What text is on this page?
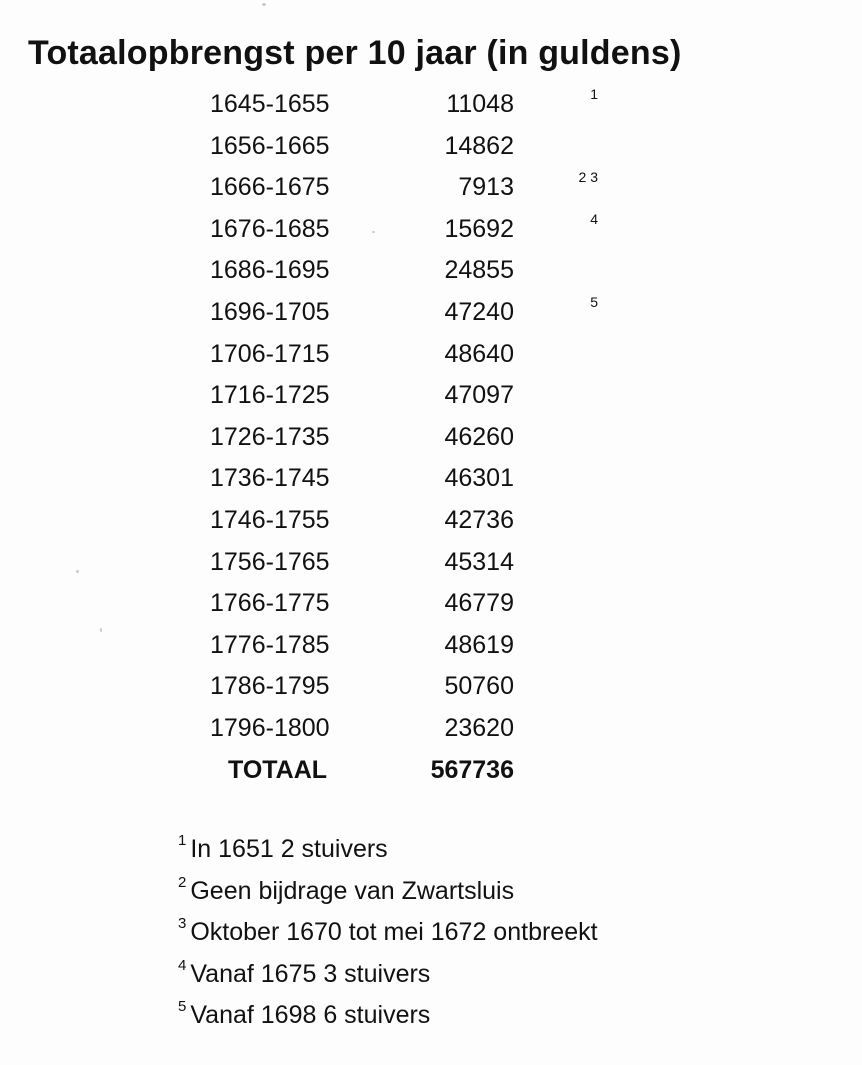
Totaalopbrengst per 10 jaar (in guldens)
1645-1655	11048	1
1656-1665	14862
1666-1675	7913	2 3
1676-1685	15692	4
1686-1695	24855
1696-1705	47240	5
1706-1715	48640
1716-1725	47097
1726-1735	46260
1736-1745	46301
1746-1755	42736
1756-1765	45314
1766-1775	46779
1776-1785	48619
1786-1795	50760
1796-1800	23620
TOTAAL	567736
$^1$ In 1651 2 stuivers
$^2$ Geen bijdrage van Zwartsluis
$^3$ Oktober 1670 tot mei 1672 ontbreekt
$^4$ Vanaf 1675 3 stuivers
$^5$ Vanaf 1698 6 stuivers
